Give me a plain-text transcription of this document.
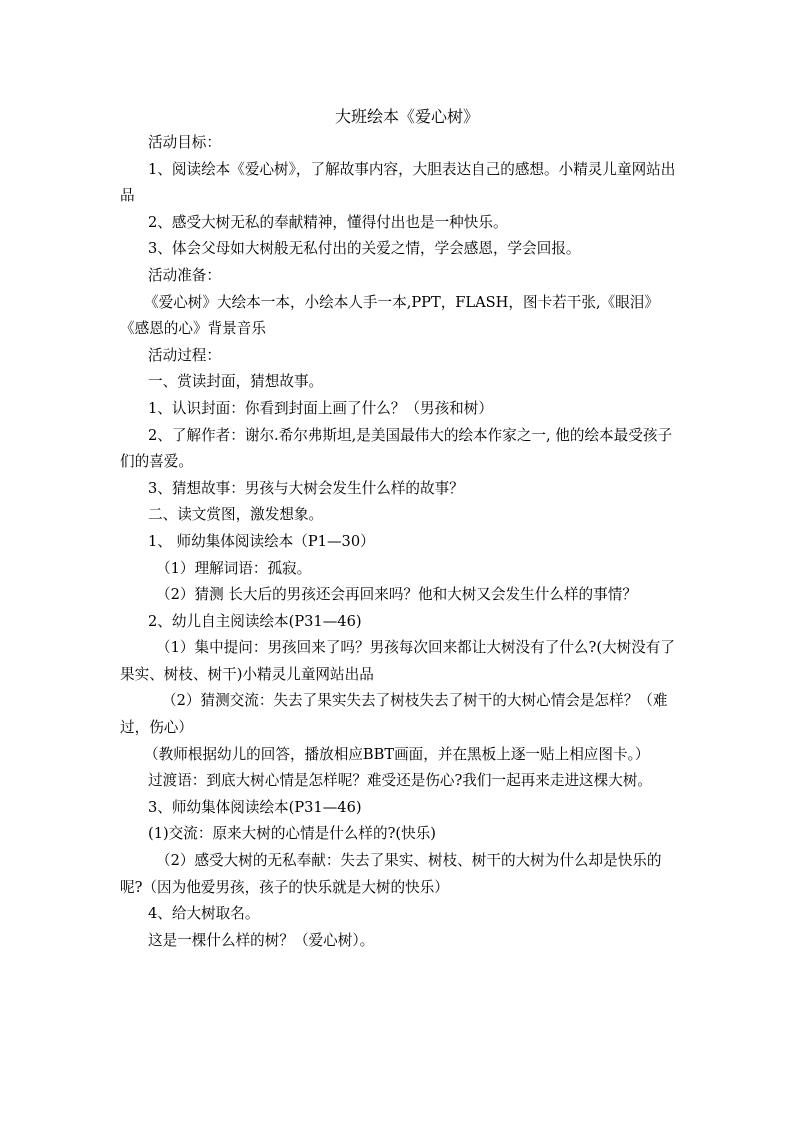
大班绘本《爱心树》

活动目标：

1、阅读绘本《爱心树》，了解故事内容，大胆表达自己的感想。小精灵儿童网站出品

2、感受大树无私的奉献精神，懂得付出也是一种快乐。

3、体会父母如大树般无私付出的关爱之情，学会感恩，学会回报。

活动准备：

《爱心树》大绘本一本，小绘本人手一本,PPT，FLASH，图卡若干张,《眼泪》《感恩的心》背景音乐

活动过程：

一、赏读封面，猜想故事。

1、认识封面：你看到封面上画了什么？（男孩和树）

2、了解作者：谢尔.希尔弗斯坦,是美国最伟大的绘本作家之一, 他的绘本最受孩子们的喜爱。

3、猜想故事：男孩与大树会发生什么样的故事？

二、读文赏图，激发想象。

1、 师幼集体阅读绘本（P1—30）

（1）理解词语：孤寂。

（2）猜测 长大后的男孩还会再回来吗？他和大树又会发生什么样的事情？

2、幼儿自主阅读绘本(P31—46)

（1）集中提问：男孩回来了吗？男孩每次回来都让大树没有了什么?(大树没有了果实、树枝、树干)小精灵儿童网站出品

（2）猜测交流：失去了果实失去了树枝失去了树干的大树心情会是怎样？（难过，伤心）

（教师根据幼儿的回答，播放相应BBT画面，并在黑板上逐一贴上相应图卡。）

过渡语：到底大树心情是怎样呢？难受还是伤心?我们一起再来走进这棵大树。

3、师幼集体阅读绘本(P31—46)

(1)交流：原来大树的心情是什么样的?(快乐)

（2）感受大树的无私奉献：失去了果实、树枝、树干的大树为什么却是快乐的呢?（因为他爱男孩，孩子的快乐就是大树的快乐）

4、给大树取名。

这是一棵什么样的树？（爱心树）。
